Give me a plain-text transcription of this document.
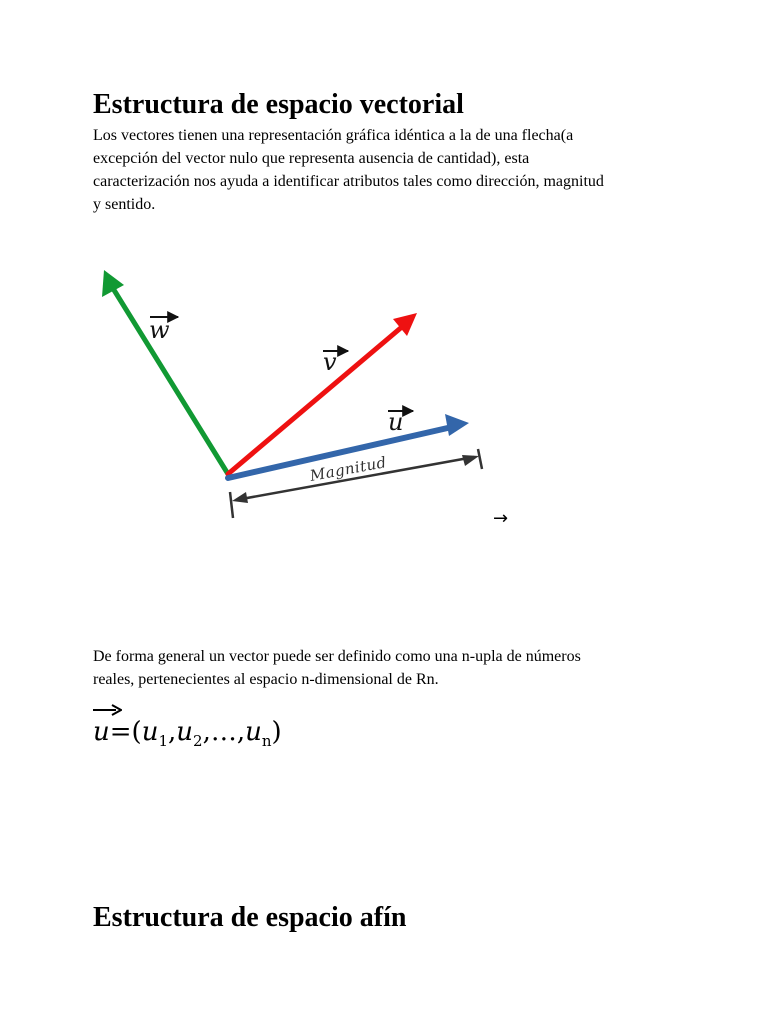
Estructura de espacio vectorial

Los vectores tienen una representación gráfica idéntica a la de una flecha(a
excepción del vector nulo que representa ausencia de cantidad), esta
caracterización nos ayuda a identificar atributos tales como dirección, magnitud
y sentido.

Magnitud
w
v
u
→

De forma general un vector puede ser definido como una n-upla de números
reales, pertenecientes al espacio n-dimensional de Rn.

$u=(u_1,u_2,\dots,u_n)$
Estructura de espacio afín
